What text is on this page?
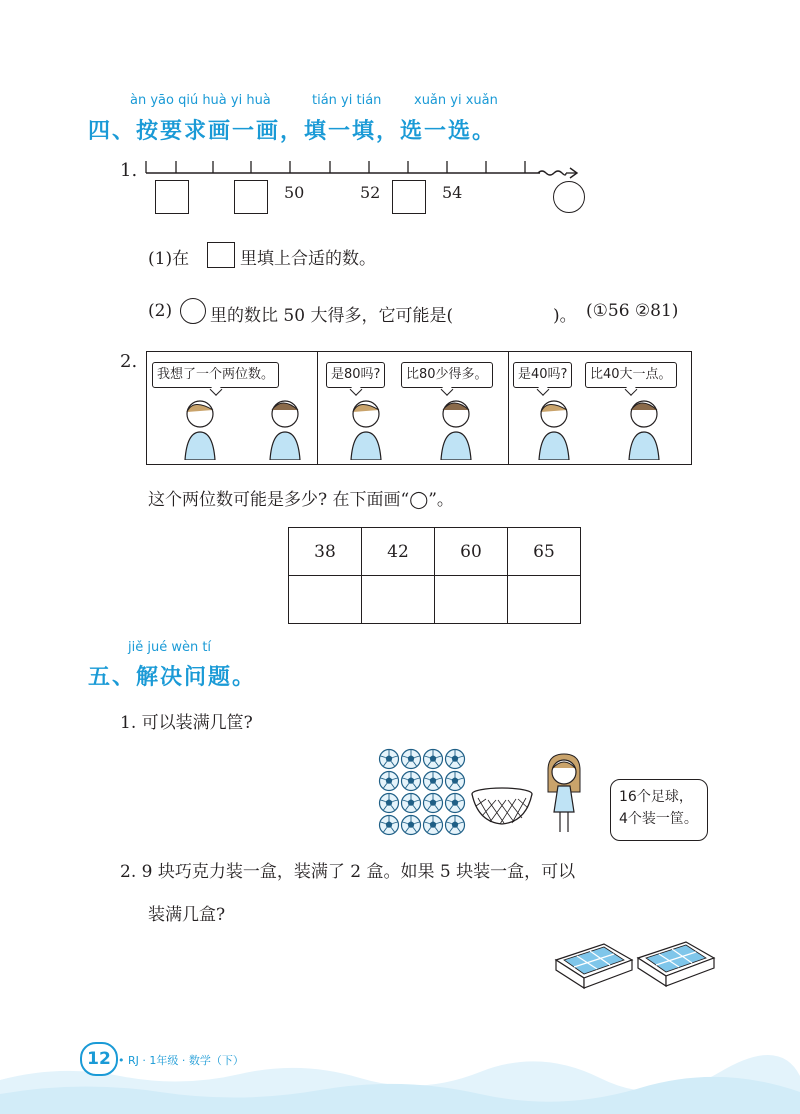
àn yāo qiú huà yi huà	tián yi tián	xuǎn yi xuǎn
四、按要求画一画，填一填，选一选。
1.
50	52	54
(1)在	里填上合适的数。
(2) 里的数比 50 大得多，它可能是(	)。 (①56 ②81)
2.
我想了一个两位数。	是80吗?	比80少得多。	是40吗?	比40大一点。
这个两位数可能是多少? 在下面画“◯”。
38	42	60	65

jiě jué wèn tí
五、解决问题。
1. 可以装满几筐?
16个足球，4个装一筐。
2. 9 块巧克力装一盒，装满了 2 盒。如果 5 块装一盒，可以
装满几盒?
12 • RJ · 1年级 · 数学（下）
